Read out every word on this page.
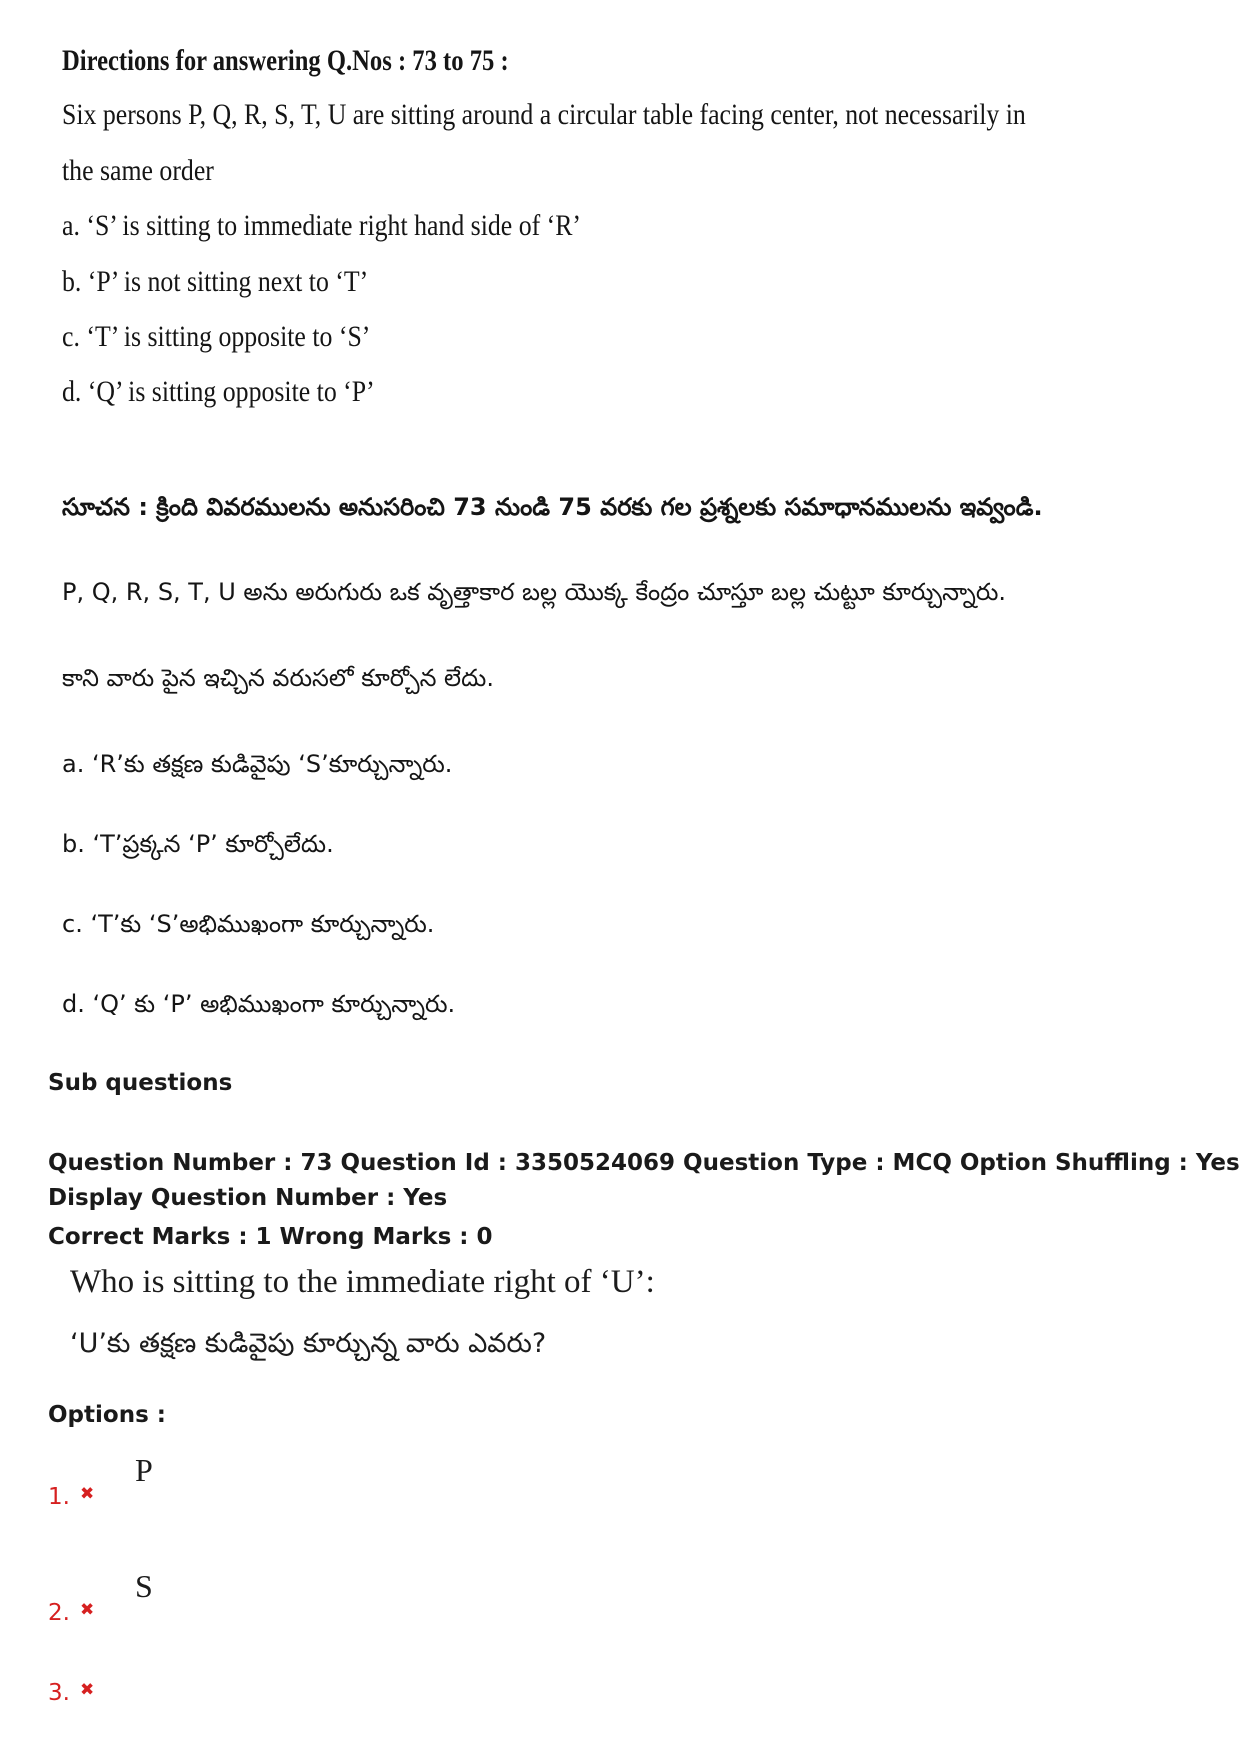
Directions for answering Q.Nos : 73 to 75 :
Six persons P, Q, R, S, T, U are sitting around a circular table facing center, not necessarily in
the same order
a. ‘S’ is sitting to immediate right hand side of ‘R’
b. ‘P’ is not sitting next to ‘T’
c. ‘T’ is sitting opposite to ‘S’
d. ‘Q’ is sitting opposite to ‘P’
సూచన : క్రింది వివరములను అనుసరించి 73 నుండి 75 వరకు గల ప్రశ్నలకు సమాధానములను ఇవ్వండి.
P, Q, R, S, T, U అను అరుగురు ఒక వృత్తాకార బల్ల యొక్క కేంద్రం చూస్తూ బల్ల చుట్టూ కూర్చున్నారు.
కాని వారు పైన ఇచ్చిన వరుసలో కూర్చోన లేదు.
a. ‘R’కు తక్షణ కుడివైపు ‘S’కూర్చున్నారు.
b. ‘T’ప్రక్కన ‘P’ కూర్చోలేదు.
c. ‘T’కు ‘S’అభిముఖంగా కూర్చున్నారు.
d. ‘Q’ కు ‘P’ అభిముఖంగా కూర్చున్నారు.
Sub questions
Question Number : 73 Question Id : 3350524069 Question Type : MCQ Option Shuffling : Yes
Display Question Number : Yes
Correct Marks : 1 Wrong Marks : 0
Who is sitting to the immediate right of ‘U’:
‘U’కు తక్షణ కుడివైపు కూర్చున్న వారు ఎవరు?
Options :
1. ✖
P
2. ✖
S
3. ✖
